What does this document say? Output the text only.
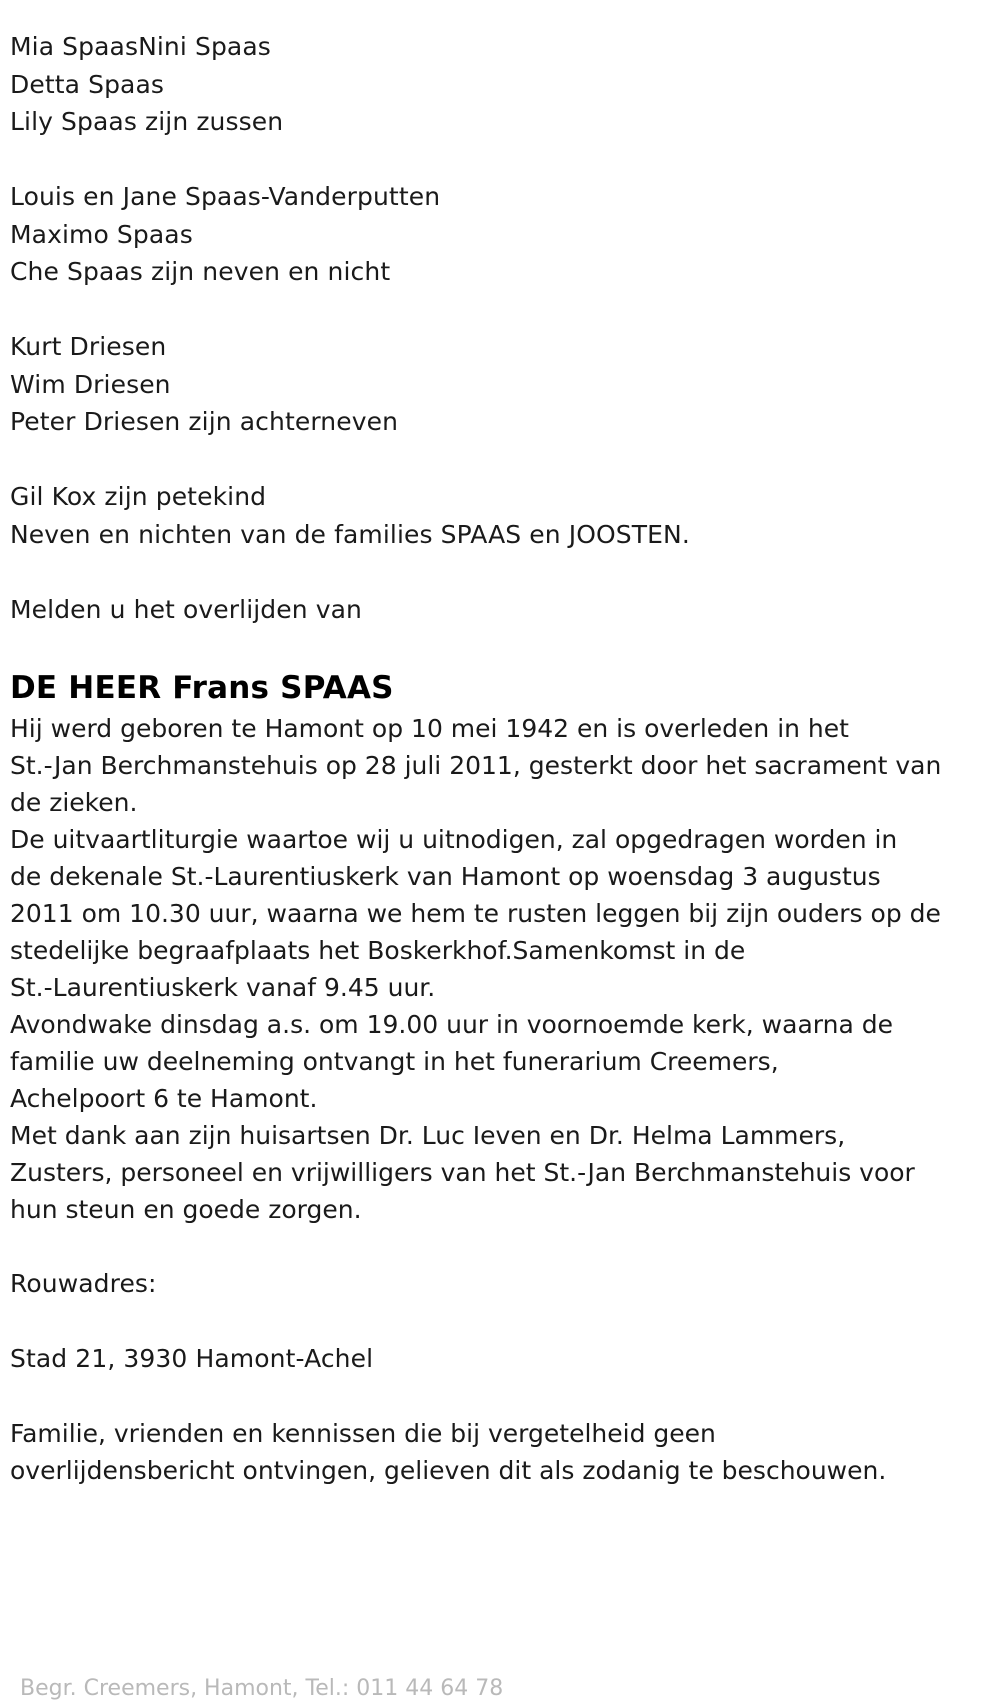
Mia SpaasNini Spaas
Detta Spaas
Lily Spaas zijn zussen
Louis en Jane Spaas-Vanderputten
Maximo Spaas
Che Spaas zijn neven en nicht
Kurt Driesen
Wim Driesen
Peter Driesen zijn achterneven
Gil Kox zijn petekind
Neven en nichten van de families SPAAS en JOOSTEN.
Melden u het overlijden van
DE HEER Frans SPAAS
Hij werd geboren te Hamont op 10 mei 1942 en is overleden in het
St.-Jan Berchmanstehuis op 28 juli 2011, gesterkt door het sacrament van
de zieken.
De uitvaartliturgie waartoe wij u uitnodigen, zal opgedragen worden in
de dekenale St.-Laurentiuskerk van Hamont op woensdag 3 augustus
2011 om 10.30 uur, waarna we hem te rusten leggen bij zijn ouders op de
stedelijke begraafplaats het Boskerkhof.Samenkomst in de
St.-Laurentiuskerk vanaf 9.45 uur.
Avondwake dinsdag a.s. om 19.00 uur in voornoemde kerk, waarna de
familie uw deelneming ontvangt in het funerarium Creemers,
Achelpoort 6 te Hamont.
Met dank aan zijn huisartsen Dr. Luc Ieven en Dr. Helma Lammers,
Zusters, personeel en vrijwilligers van het St.-Jan Berchmanstehuis voor
hun steun en goede zorgen.
Rouwadres:
Stad 21, 3930 Hamont-Achel
Familie, vrienden en kennissen die bij vergetelheid geen
overlijdensbericht ontvingen, gelieven dit als zodanig te beschouwen.
Begr. Creemers, Hamont, Tel.: 011 44 64 78
